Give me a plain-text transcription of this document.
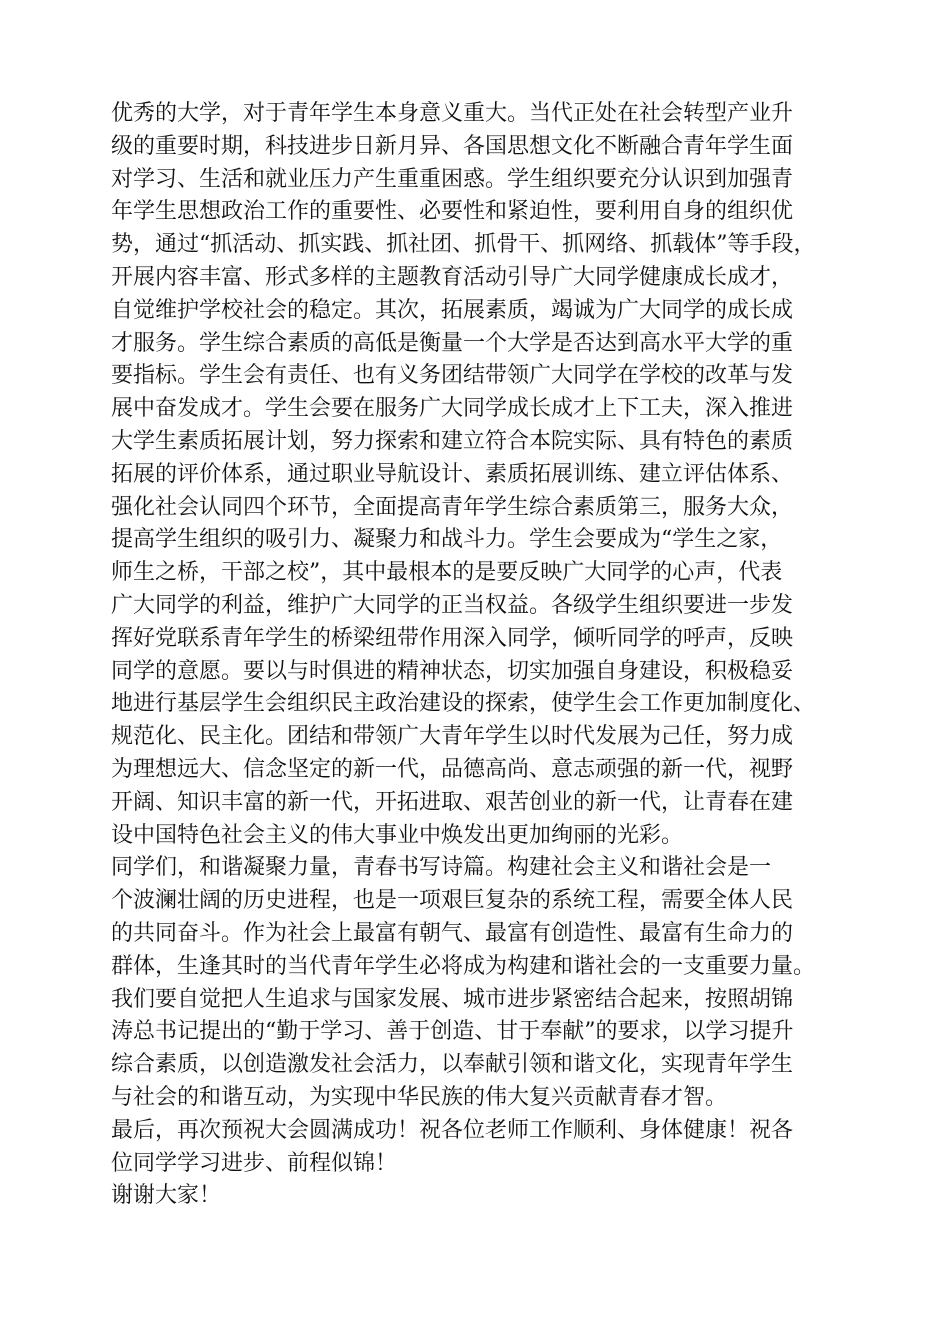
优秀的大学，对于青年学生本身意义重大。当代正处在社会转型产业升
级的重要时期，科技进步日新月异、各国思想文化不断融合青年学生面
对学习、生活和就业压力产生重重困惑。学生组织要充分认识到加强青
年学生思想政治工作的重要性、必要性和紧迫性，要利用自身的组织优
势，通过“抓活动、抓实践、抓社团、抓骨干、抓网络、抓载体”等手段，
开展内容丰富、形式多样的主题教育活动引导广大同学健康成长成才，
自觉维护学校社会的稳定。其次，拓展素质，竭诚为广大同学的成长成
才服务。学生综合素质的高低是衡量一个大学是否达到高水平大学的重
要指标。学生会有责任、也有义务团结带领广大同学在学校的改革与发
展中奋发成才。学生会要在服务广大同学成长成才上下工夫，深入推进
大学生素质拓展计划，努力探索和建立符合本院实际、具有特色的素质
拓展的评价体系，通过职业导航设计、素质拓展训练、建立评估体系、
强化社会认同四个环节，全面提高青年学生综合素质第三，服务大众，
提高学生组织的吸引力、凝聚力和战斗力。学生会要成为“学生之家，
师生之桥，干部之校”，其中最根本的是要反映广大同学的心声，代表
广大同学的利益，维护广大同学的正当权益。各级学生组织要进一步发
挥好党联系青年学生的桥梁纽带作用深入同学，倾听同学的呼声，反映
同学的意愿。要以与时俱进的精神状态，切实加强自身建设，积极稳妥
地进行基层学生会组织民主政治建设的探索，使学生会工作更加制度化、
规范化、民主化。团结和带领广大青年学生以时代发展为己任，努力成
为理想远大、信念坚定的新一代，品德高尚、意志顽强的新一代，视野
开阔、知识丰富的新一代，开拓进取、艰苦创业的新一代，让青春在建
设中国特色社会主义的伟大事业中焕发出更加绚丽的光彩。
同学们，和谐凝聚力量，青春书写诗篇。构建社会主义和谐社会是一
个波澜壮阔的历史进程，也是一项艰巨复杂的系统工程，需要全体人民
的共同奋斗。作为社会上最富有朝气、最富有创造性、最富有生命力的
群体，生逢其时的当代青年学生必将成为构建和谐社会的一支重要力量。
我们要自觉把人生追求与国家发展、城市进步紧密结合起来，按照胡锦
涛总书记提出的“勤于学习、善于创造、甘于奉献”的要求，以学习提升
综合素质，以创造激发社会活力，以奉献引领和谐文化，实现青年学生
与社会的和谐互动，为实现中华民族的伟大复兴贡献青春才智。
最后，再次预祝大会圆满成功！祝各位老师工作顺利、身体健康！祝各
位同学学习进步、前程似锦！
谢谢大家！
